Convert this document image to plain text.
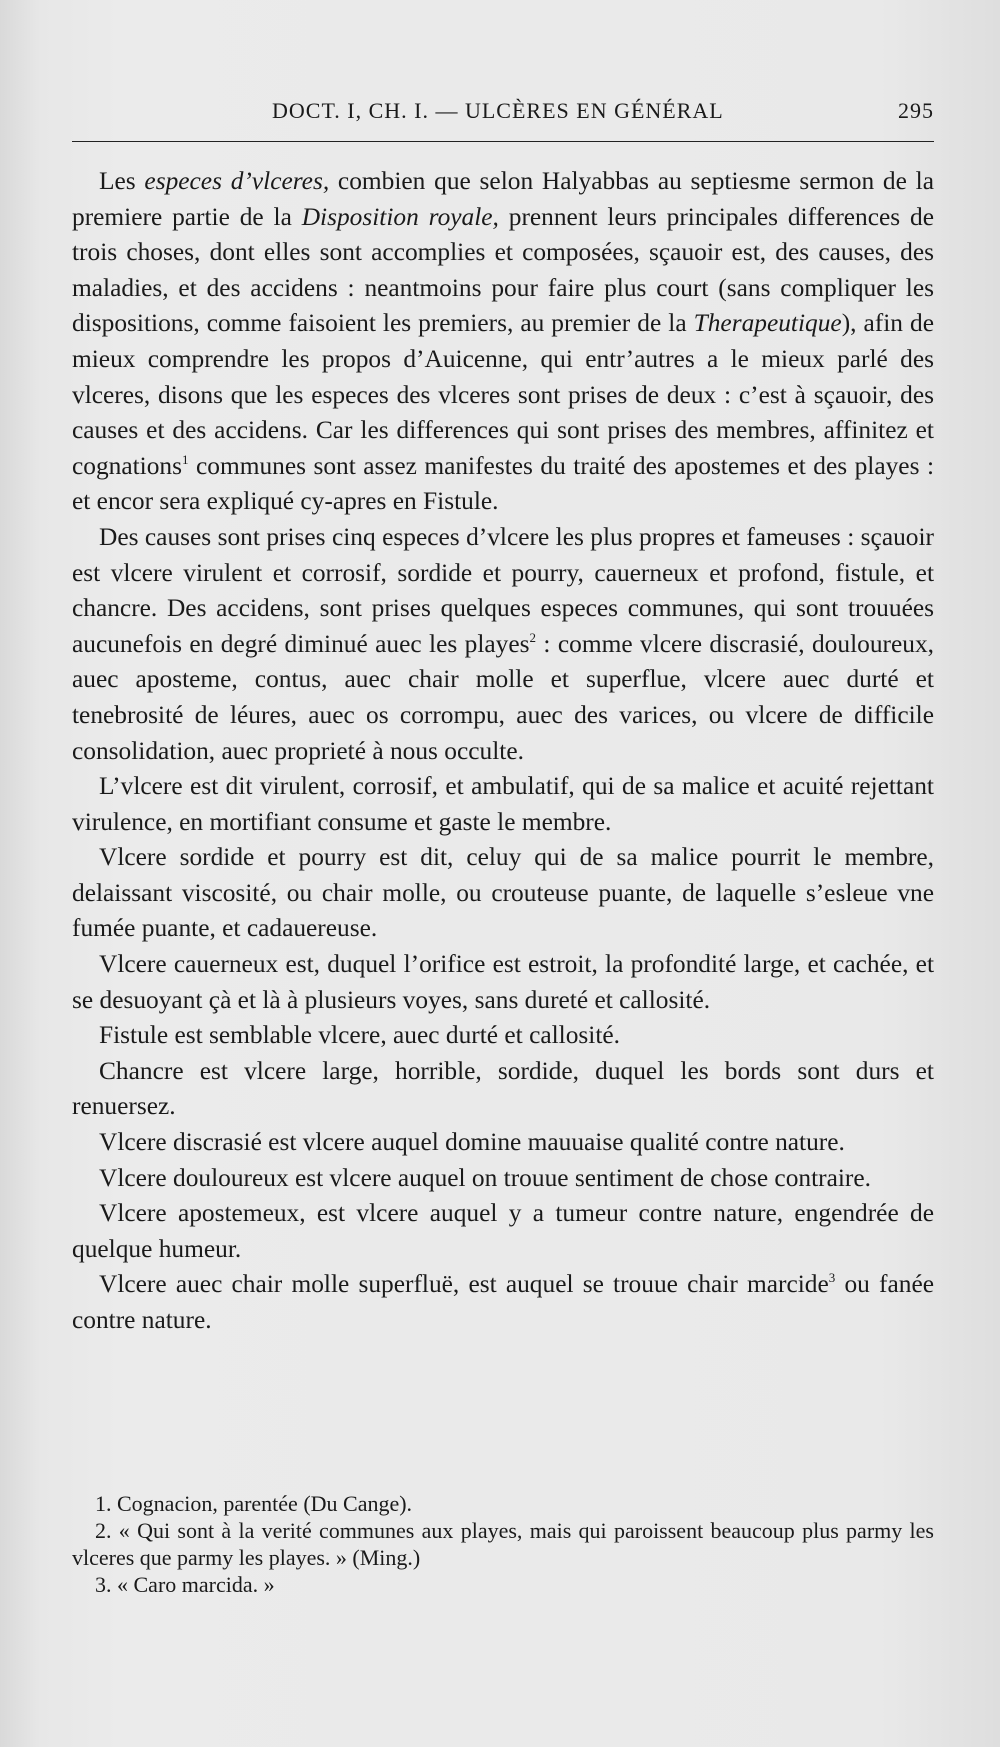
DOCT. I, CH. I. — ULCÈRES EN GÉNÉRAL	295

Les especes d’vlceres, combien que selon Halyabbas au septiesme sermon de la premiere partie de la Disposition royale, prennent leurs principales differences de trois choses, dont elles sont accomplies et composées, sçauoir est, des causes, des maladies, et des accidens : neantmoins pour faire plus court (sans compliquer les dispositions, comme faisoient les premiers, au premier de la Therapeutique), afin de mieux comprendre les propos d’Auicenne, qui entr’autres a le mieux parlé des vlceres, disons que les especes des vlceres sont prises de deux : c’est à sçauoir, des causes et des accidens. Car les differences qui sont prises des membres, affinitez et cognations$^1$ communes sont assez manifestes du traité des apostemes et des playes : et encor sera expliqué cy-apres en Fistule.

Des causes sont prises cinq especes d’vlcere les plus propres et fameuses : sçauoir est vlcere virulent et corrosif, sordide et pourry, cauerneux et profond, fistule, et chancre. Des accidens, sont prises quelques especes communes, qui sont trouuées aucunefois en degré diminué auec les playes$^2$ : comme vlcere discrasié, douloureux, auec aposteme, contus, auec chair molle et superflue, vlcere auec durté et tenebrosité de léures, auec os corrompu, auec des varices, ou vlcere de difficile consolidation, auec proprieté à nous occulte.

L’vlcere est dit virulent, corrosif, et ambulatif, qui de sa malice et acuité rejettant virulence, en mortifiant consume et gaste le membre.

Vlcere sordide et pourry est dit, celuy qui de sa malice pourrit le membre, delaissant viscosité, ou chair molle, ou crouteuse puante, de laquelle s’esleue vne fumée puante, et cadauereuse.

Vlcere cauerneux est, duquel l’orifice est estroit, la profondité large, et cachée, et se desuoyant çà et là à plusieurs voyes, sans dureté et callosité.

Fistule est semblable vlcere, auec durté et callosité.

Chancre est vlcere large, horrible, sordide, duquel les bords sont durs et renuersez.

Vlcere discrasié est vlcere auquel domine mauuaise qualité contre nature.

Vlcere douloureux est vlcere auquel on trouue sentiment de chose contraire.

Vlcere apostemeux, est vlcere auquel y a tumeur contre nature, engendrée de quelque humeur.

Vlcere auec chair molle superfluë, est auquel se trouue chair marcide$^3$ ou fanée contre nature.

1. Cognacion, parentée (Du Cange).

2. « Qui sont à la verité communes aux playes, mais qui paroissent beaucoup plus parmy les vlceres que parmy les playes. » (Ming.)

3. « Caro marcida. »
